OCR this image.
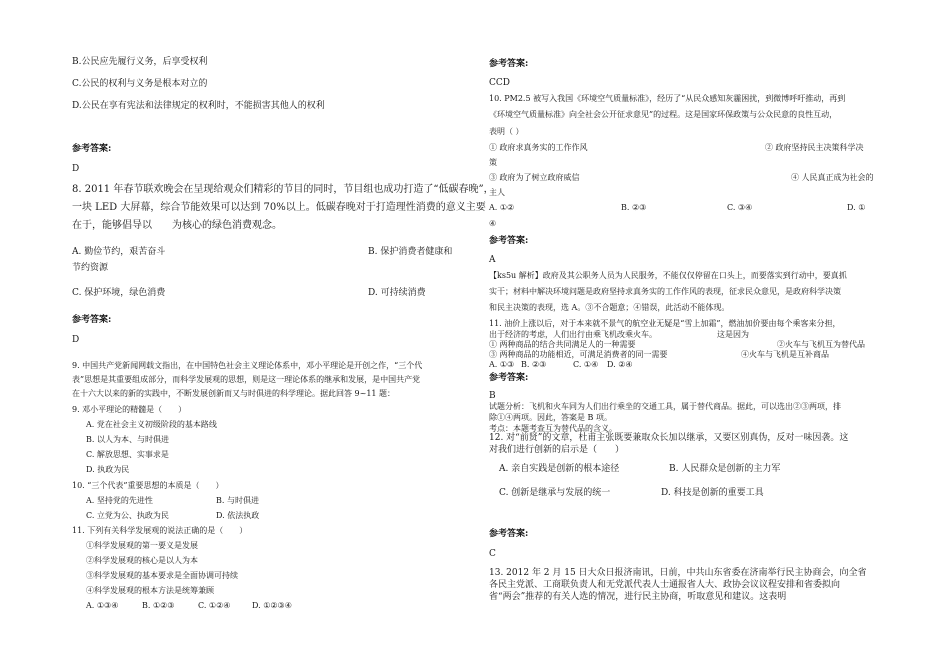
B.公民应先履行义务，后享受权利
C.公民的权利与义务是根本对立的
D.公民在享有宪法和法律规定的权利时，不能损害其他人的权利
参考答案:
D
8. 2011 年春节联欢晚会在呈现给观众们精彩的节目的同时，节目组也成功打造了“低碳春晚”，
一块 LED 大屏幕，综合节能效果可以达到 70%以上。低碳春晚对于打造理性消费的意义主要
在于，能够倡导以　　为核心的绿色消费观念。
A. 勤俭节约，艰苦奋斗	B. 保护消费者健康和
节约资源
C. 保护环境，绿色消费	D. 可持续消费
参考答案:
D
9. 中国共产党新闻网载文指出，在中国特色社会主义理论体系中，邓小平理论是开创之作，“三个代
表”思想是其重要组成部分，而科学发展观的思想，则是这一理论体系的继承和发展，是中国共产党
在十六大以来的新的实践中，不断发展创新而又与时俱进的科学理论。据此回答 9~11 题：
9. 邓小平理论的精髓是（　　）
A. 党在社会主义初级阶段的基本路线
B. 以人为本、与时俱进
C. 解放思想、实事求是
D. 执政为民
10. “三个代表”重要思想的本质是（　　）
A. 坚持党的先进性	B. 与时俱进
C. 立党为公、执政为民	D. 依法执政
11. 下列有关科学发展观的说法正确的是（　　）
①科学发展观的第一要义是发展
②科学发展观的核心是以人为本
③科学发展观的基本要求是全面协调可持续
④科学发展观的根本方法是统筹兼顾
A. ①③④	B. ①②③	C. ①②④	D. ①②③④
参考答案:
CCD
10. PM2.5 被写入我国《环境空气质量标准》，经历了“从民众感知灰霾困扰，到微博呼吁推动，再到
《环境空气质量标准》向全社会公开征求意见”的过程。这是国家环保政策与公众民意的良性互动，
表明（ ）
① 政府求真务实的工作作风	② 政府坚持民主决策科学决
策
③ 政府为了树立政府威信	④ 人民真正成为社会的
主人
A. ①②	B. ②③	C. ③④	D. ①
④
参考答案:
A
【ks5u 解析】政府及其公职务人员为人民服务，不能仅仅停留在口头上，而要落实到行动中，要真抓
实干；材料中解决环境问题是政府坚持求真务实的工作作风的表现，征求民众意见，是政府科学决策
和民主决策的表现，选 A。③不合题意；④错误，此活动不能体现。
11. 油价上涨以后，对于本来就不景气的航空业无疑是“雪上加霜”，燃油加价要由每个乘客来分担，
出于经济的考虑，人们出行由乘飞机改乘火车。	这是因为
① 两种商品的结合共同满足人的一种需要	②火车与飞机互为替代品
③ 两种商品的功能相近，可满足消费者的同一需要	④火车与飞机是互补商品
A. ①③ B. ②③	C. ①④ D. ②④
参考答案:
B
试题分析：飞机和火车同为人们出行乘坐的交通工具，属于替代商品。据此，可以选出②③两项，排
除①④两项。因此，答案是 B 项。
考点：本题考查互为替代品的含义。
12. 对“前贤”的文章，杜甫主张既要兼取众长加以继承，又要区别真伪，反对一味因袭。这
对我们进行创新的启示是（　　）
A. 亲自实践是创新的根本途径	B. 人民群众是创新的主力军
C. 创新是继承与发展的统一	D. 科技是创新的重要工具
参考答案:
C
13. 2012 年 2 月 15 日大众日报济南讯，日前，中共山东省委在济南举行民主协商会，向全省
各民主党派、工商联负责人和无党派代表人士通报省人大、政协会议议程安排和省委拟向
省“两会”推荐的有关人选的情况，进行民主协商，听取意见和建议。这表明
